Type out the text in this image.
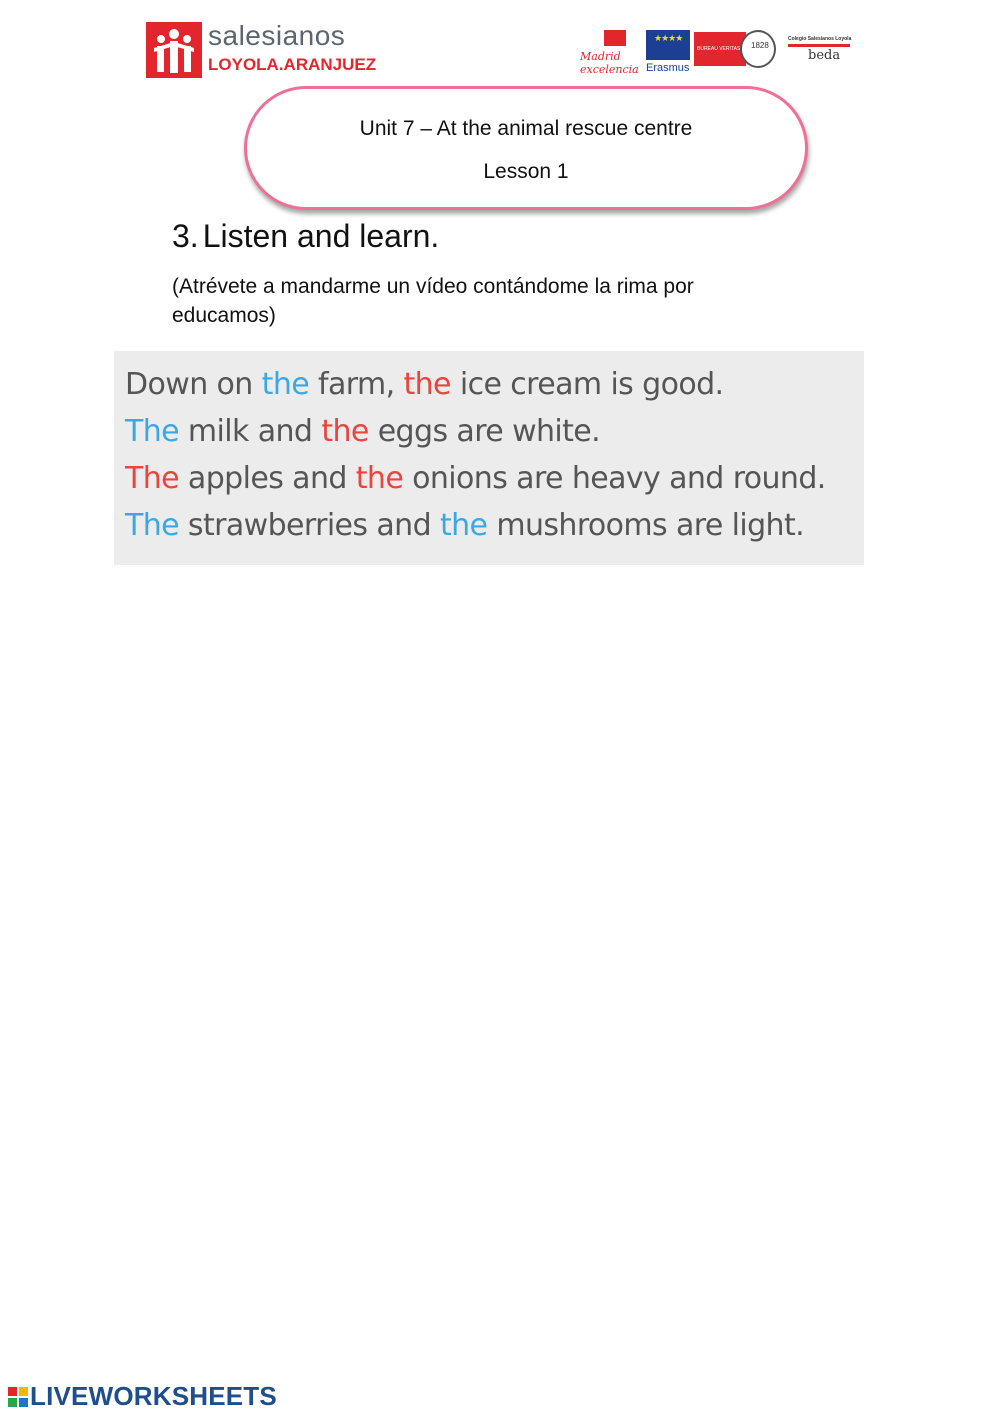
salesianos
LOYOLA.ARANJUEZ	Madrid excelencia
★★★★
Erasmus
BUREAU VERITAS 1828
Colegio Salesianos Loyola
beda
Unit 7 – At the animal rescue centre
Lesson 1
3. Listen and learn.
(Atrévete a mandarme un vídeo contándome la rima por educamos)
Down on the farm, the ice cream is good.
The milk and the eggs are white.
The apples and the onions are heavy and round.
The strawberries and the mushrooms are light.
LIVEWORKSHEETS
